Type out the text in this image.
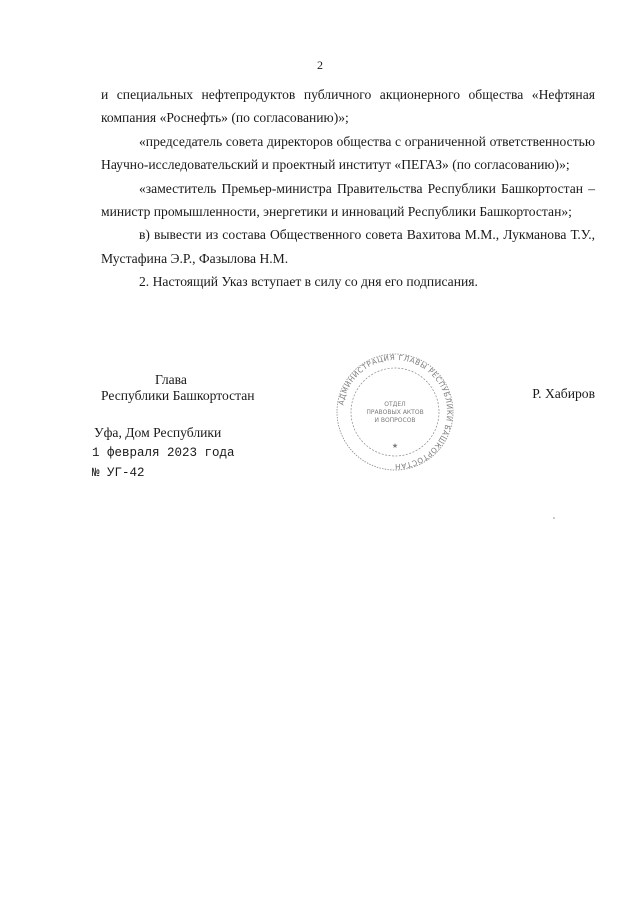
2

и специальных нефтепродуктов публичного акционерного общества «Нефтяная компания «Роснефть» (по согласованию)»;

«председатель совета директоров общества с ограниченной ответственностью Научно-исследовательский и проектный институт «ПЕГАЗ» (по согласованию)»;

«заместитель Премьер-министра Правительства Республики Башкортостан – министр промышленности, энергетики и инноваций Республики Башкортостан»;

в) вывести из состава Общественного совета Вахитова М.М., Лукманова Т.У., Мустафина Э.Р., Фазылова Н.М.

2. Настоящий Указ вступает в силу со дня его подписания.

Глава
Республики Башкортостан	Р. Хабиров
АДМИНИСТРАЦИЯ ГЛАВЫ РЕСПУБЛИКИ БАШКОРТОСТАН
ОТДЕЛ
ПРАВОВЫХ АКТОВ
И ВОПРОСОВ
★
Уфа, Дом Республики
1 февраля 2023 года
№ УГ-42
